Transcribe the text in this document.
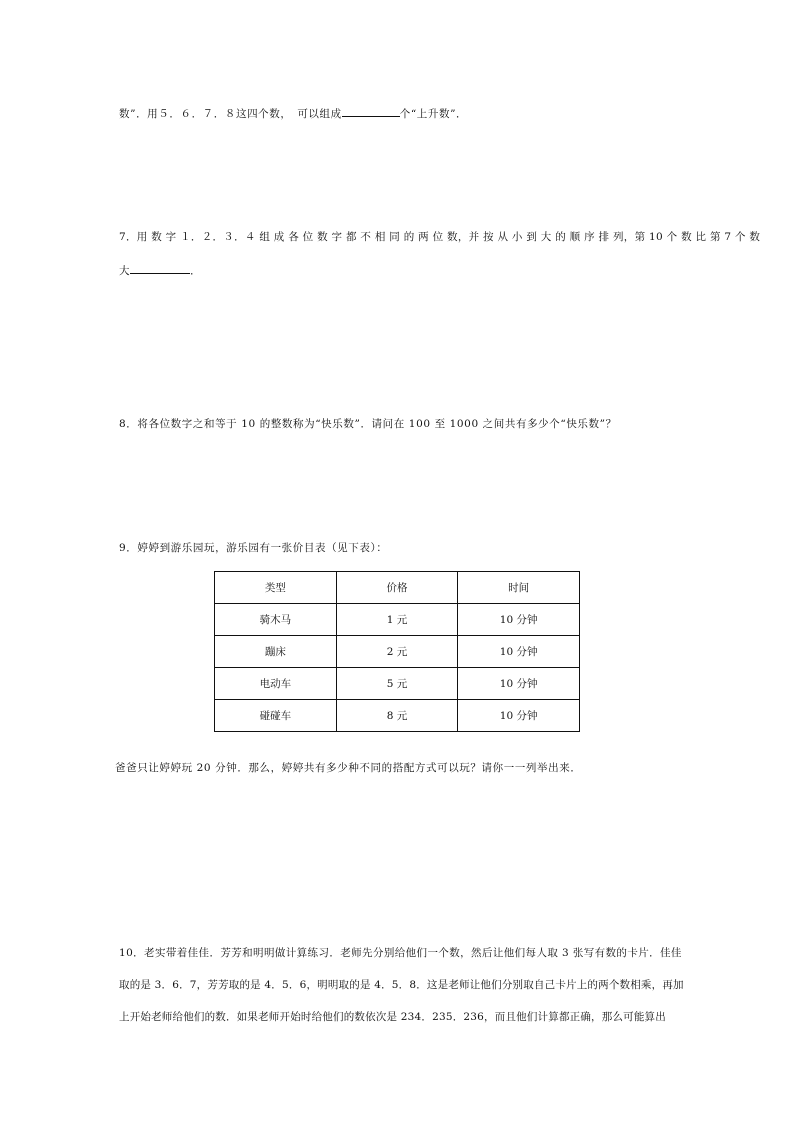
数”．用５．６．７．８这四个数，　可以组成	个“上升数”．
7．用 数 字 １．２．３．４ 组 成 各 位 数 字 都 不 相 同 的 两 位 数，并 按 从 小 到 大 的 顺 序 排 列，第 10 个 数 比 第 7 个 数
大	．
8．将各位数字之和等于 10 的整数称为“快乐数”．请问在 100 至 1000 之间共有多少个“快乐数”？
9．婷婷到游乐园玩，游乐园有一张价目表（见下表）：
类型	价格	时间
骑木马	1 元	10 分钟
蹦床	2 元	10 分钟
电动车	5 元	10 分钟
碰碰车	8 元	10 分钟
爸爸只让婷婷玩 20 分钟．那么，婷婷共有多少种不同的搭配方式可以玩？请你一一列举出来．
10．老实带着佳佳．芳芳和明明做计算练习．老师先分别给他们一个数，然后让他们每人取 3 张写有数的卡片．佳佳
取的是 3．6．7，芳芳取的是 4．5．6，明明取的是 4．5．8．这是老师让他们分别取自己卡片上的两个数相乘，再加
上开始老师给他们的数．如果老师开始时给他们的数依次是 234．235．236，而且他们计算都正确，那么可能算出
